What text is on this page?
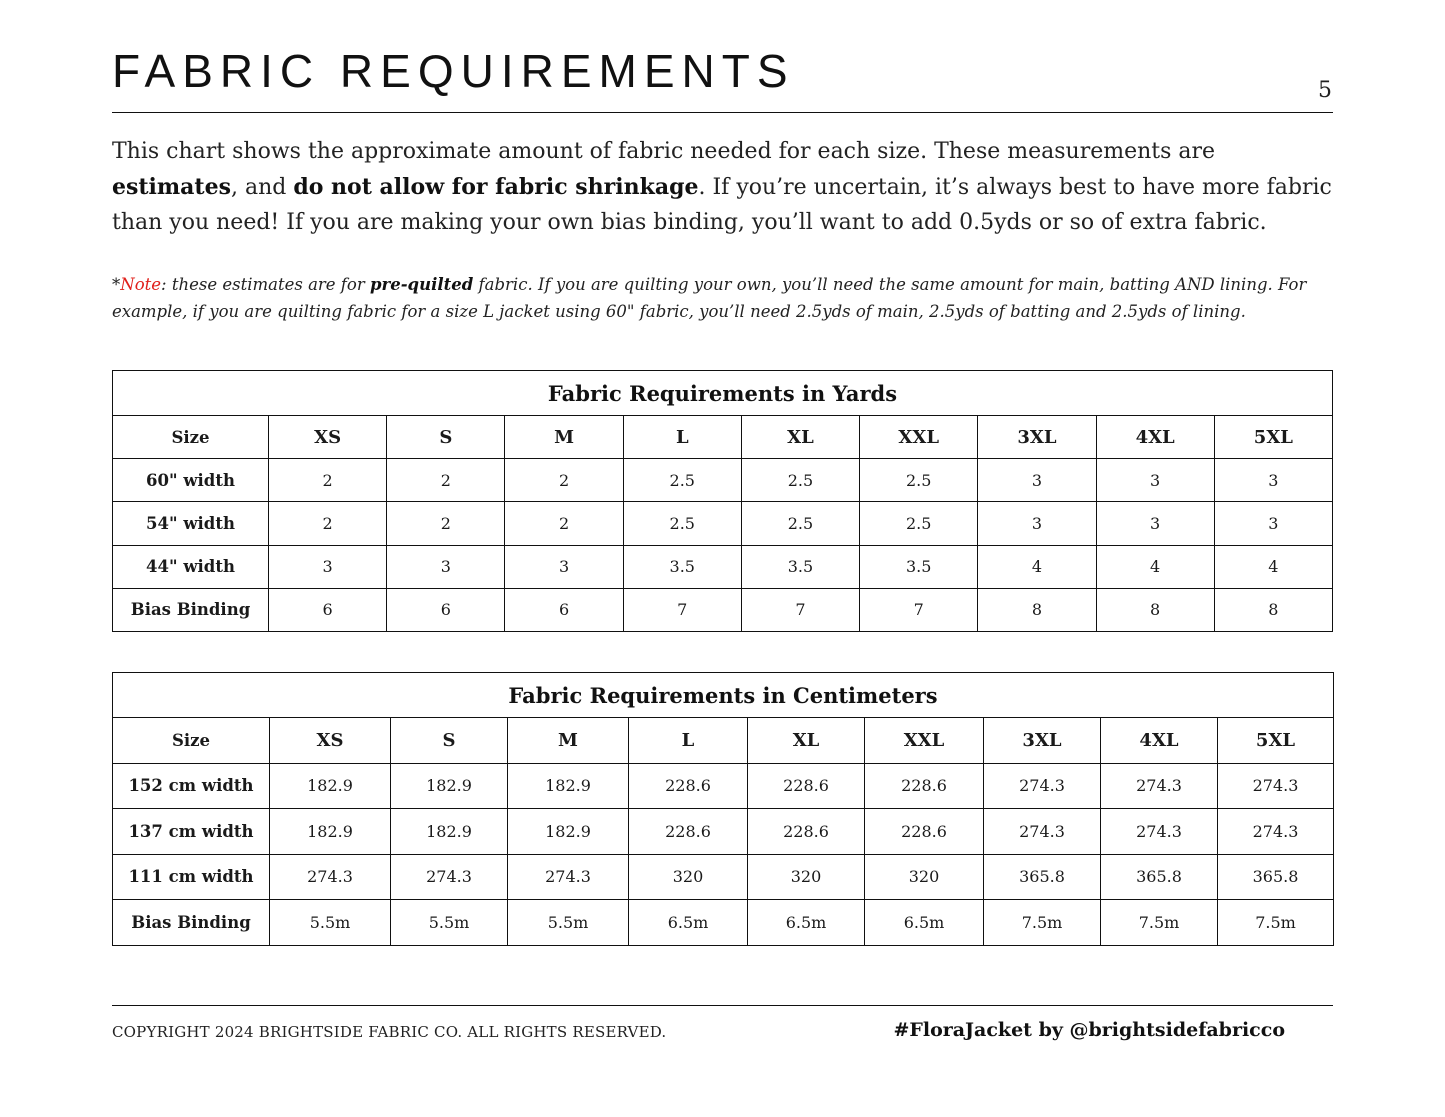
FABRIC REQUIREMENTS	5

This chart shows the approximate amount of fabric needed for each size. These measurements are estimates, and do not allow for fabric shrinkage. If you’re uncertain, it’s always best to have more fabric than you need! If you are making your own bias binding, you’ll want to add 0.5yds or so of extra fabric.

*Note: these estimates are for pre-quilted fabric. If you are quilting your own, you’ll need the same amount for main, batting AND lining. For example, if you are quilting fabric for a size L jacket using 60" fabric, you’ll need 2.5yds of main, 2.5yds of batting and 2.5yds of lining.

Fabric Requirements in Yards									
Size	XS	S	M	L	XL	XXL	3XL	4XL	5XL
60" width	2	2	2	2.5	2.5	2.5	3	3	3
54" width	2	2	2	2.5	2.5	2.5	3	3	3
44" width	3	3	3	3.5	3.5	3.5	4	4	4
Bias Binding	6	6	6	7	7	7	8	8	8
Fabric Requirements in Centimeters									
Size	XS	S	M	L	XL	XXL	3XL	4XL	5XL
152 cm width	182.9	182.9	182.9	228.6	228.6	228.6	274.3	274.3	274.3
137 cm width	182.9	182.9	182.9	228.6	228.6	228.6	274.3	274.3	274.3
111 cm width	274.3	274.3	274.3	320	320	320	365.8	365.8	365.8
Bias Binding	5.5m	5.5m	5.5m	6.5m	6.5m	6.5m	7.5m	7.5m	7.5m
COPYRIGHT 2024 BRIGHTSIDE FABRIC CO. ALL RIGHTS RESERVED.	#FloraJacket by @brightsidefabricco
